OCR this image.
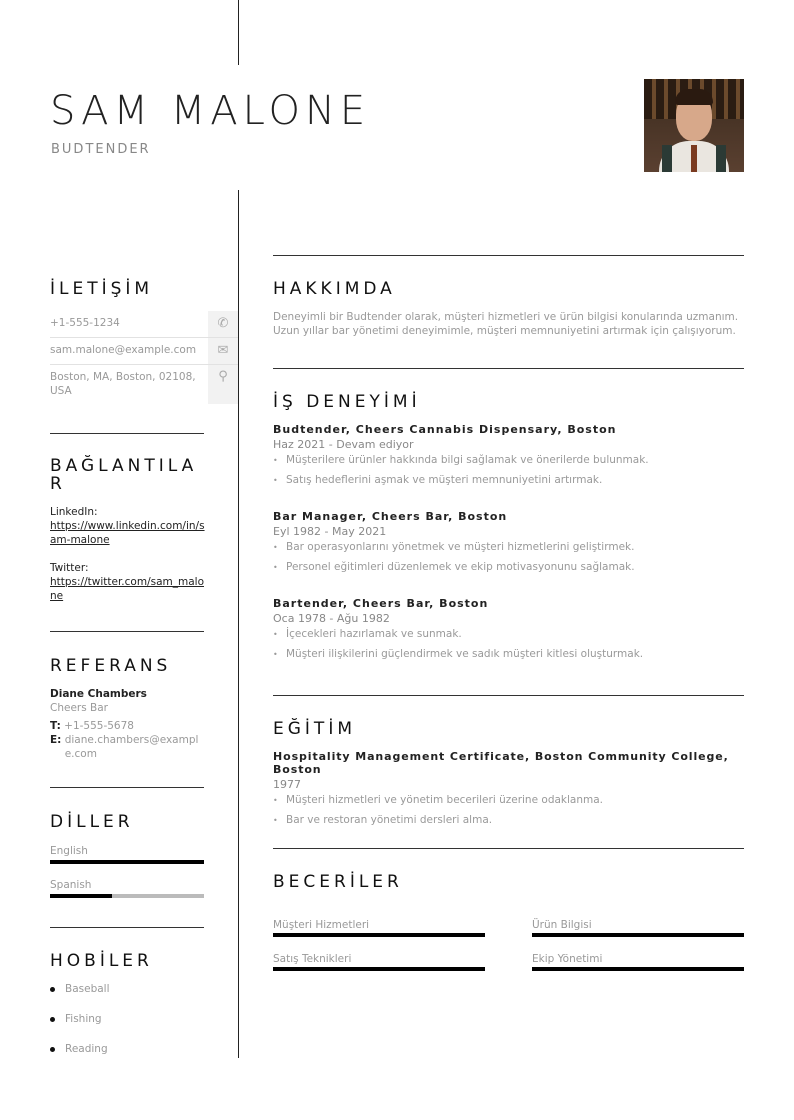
SAM MALONE
BUDTENDER
İLETİŞİM
+1-555-1234
sam.malone@example.com
Boston, MA, Boston, 02108, USA
✆
✉
⚲
BAĞLANTILAR
LinkedIn:
https://www.linkedin.com/in/sam-malone
Twitter:
https://twitter.com/sam_malone
REFERANS
Diane Chambers
Cheers Bar
T: +1-555-5678
E:
diane.chambers@example.com
DİLLER
English
Spanish
HOBİLER
Baseball
Fishing
Reading
HAKKIMDA
Deneyimli bir Budtender olarak, müşteri hizmetleri ve ürün bilgisi konularında uzmanım. Uzun yıllar bar yönetimi deneyimimle, müşteri memnuniyetini artırmak için çalışıyorum.
İŞ DENEYİMİ
Budtender, Cheers Cannabis Dispensary, Boston
Haz 2021 - Devam ediyor
• Müşterilere ürünler hakkında bilgi sağlamak ve önerilerde bulunmak.
• Satış hedeflerini aşmak ve müşteri memnuniyetini artırmak.
Bar Manager, Cheers Bar, Boston
Eyl 1982 - May 2021
• Bar operasyonlarını yönetmek ve müşteri hizmetlerini geliştirmek.
• Personel eğitimleri düzenlemek ve ekip motivasyonunu sağlamak.
Bartender, Cheers Bar, Boston
Oca 1978 - Ağu 1982
• İçecekleri hazırlamak ve sunmak.
• Müşteri ilişkilerini güçlendirmek ve sadık müşteri kitlesi oluşturmak.
EĞİTİM
Hospitality Management Certificate, Boston Community College, Boston
1977
• Müşteri hizmetleri ve yönetim becerileri üzerine odaklanma.
• Bar ve restoran yönetimi dersleri alma.
BECERİLER
Müşteri Hizmetleri	Ürün Bilgisi
Satış Teknikleri	Ekip Yönetimi
